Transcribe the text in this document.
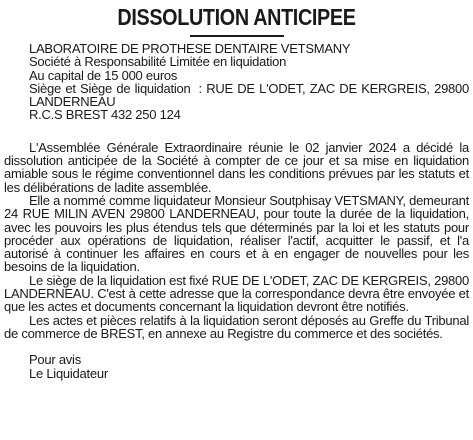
DISSOLUTION ANTICIPEE
LABORATOIRE DE PROTHESE DENTAIRE VETSMANY
Société à Responsabilité Limitée en liquidation
Au capital de 15 000 euros
Siège et Siège de liquidation : RUE DE L'ODET, ZAC DE KERGREIS, 29800 LANDERNEAU
R.C.S BREST 432 250 124

L'Assemblée Générale Extraordinaire réunie le 02 janvier 2024 a décidé la dissolution anticipée de la Société à compter de ce jour et sa mise en liquidation amiable sous le régime conventionnel dans les conditions prévues par les statuts et les délibérations de ladite assemblée.

Elle a nommé comme liquidateur Monsieur Soutphisay VETSMANY, demeurant 24 RUE MILIN AVEN 29800 LANDERNEAU, pour toute la durée de la liquidation, avec les pouvoirs les plus étendus tels que déterminés par la loi et les statuts pour procéder aux opérations de liquidation, réaliser l'actif, acquitter le passif, et l'a autorisé à continuer les affaires en cours et à en engager de nouvelles pour les besoins de la liquidation.

Le siège de la liquidation est fixé RUE DE L'ODET, ZAC DE KERGREIS, 29800 LANDERNEAU. C'est à cette adresse que la correspondance devra être envoyée et que les actes et documents concernant la liquidation devront être notifiés.

Les actes et pièces relatifs à la liquidation seront déposés au Greffe du Tribunal de commerce de BREST, en annexe au Registre du commerce et des sociétés.

Pour avis
Le Liquidateur
